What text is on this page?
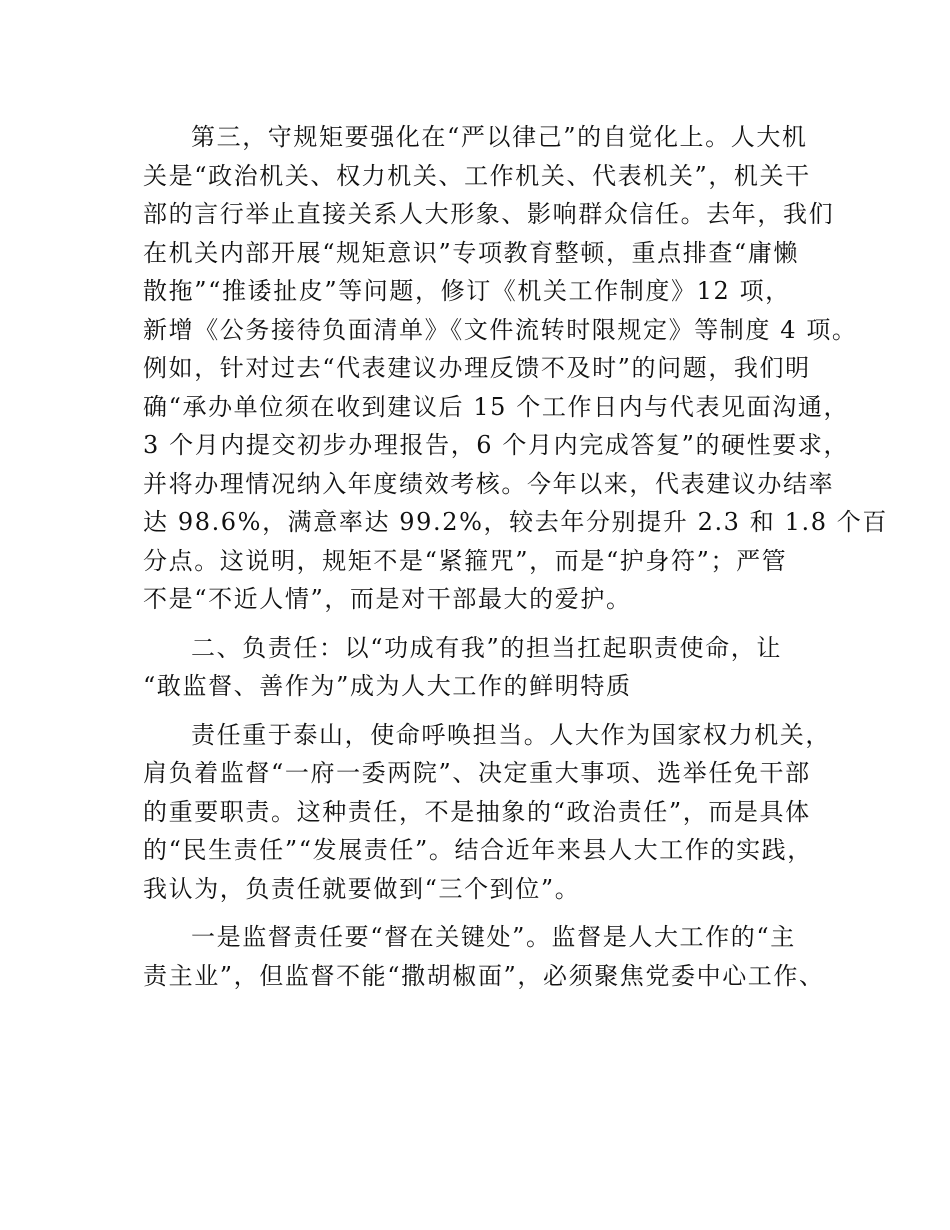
第三，守规矩要强化在“严以律己”的自觉化上。人大机
关是“政治机关、权力机关、工作机关、代表机关”，机关干
部的言行举止直接关系人大形象、影响群众信任。去年，我们
在机关内部开展“规矩意识”专项教育整顿，重点排查“庸懒
散拖”“推诿扯皮”等问题，修订《机关工作制度》12 项，
新增《公务接待负面清单》《文件流转时限规定》等制度 4 项。
例如，针对过去“代表建议办理反馈不及时”的问题，我们明
确“承办单位须在收到建议后 15 个工作日内与代表见面沟通，
3 个月内提交初步办理报告，6 个月内完成答复”的硬性要求，
并将办理情况纳入年度绩效考核。今年以来，代表建议办结率
达 98.6%，满意率达 99.2%，较去年分别提升 2.3 和 1.8 个百
分点。这说明，规矩不是“紧箍咒”，而是“护身符”；严管
不是“不近人情”，而是对干部最大的爱护。
二、负责任：以“功成有我”的担当扛起职责使命，让
“敢监督、善作为”成为人大工作的鲜明特质
责任重于泰山，使命呼唤担当。人大作为国家权力机关，
肩负着监督“一府一委两院”、决定重大事项、选举任免干部
的重要职责。这种责任，不是抽象的“政治责任”，而是具体
的“民生责任”“发展责任”。结合近年来县人大工作的实践，
我认为，负责任就要做到“三个到位”。
一是监督责任要“督在关键处”。监督是人大工作的“主
责主业”，但监督不能“撒胡椒面”，必须聚焦党委中心工作、
